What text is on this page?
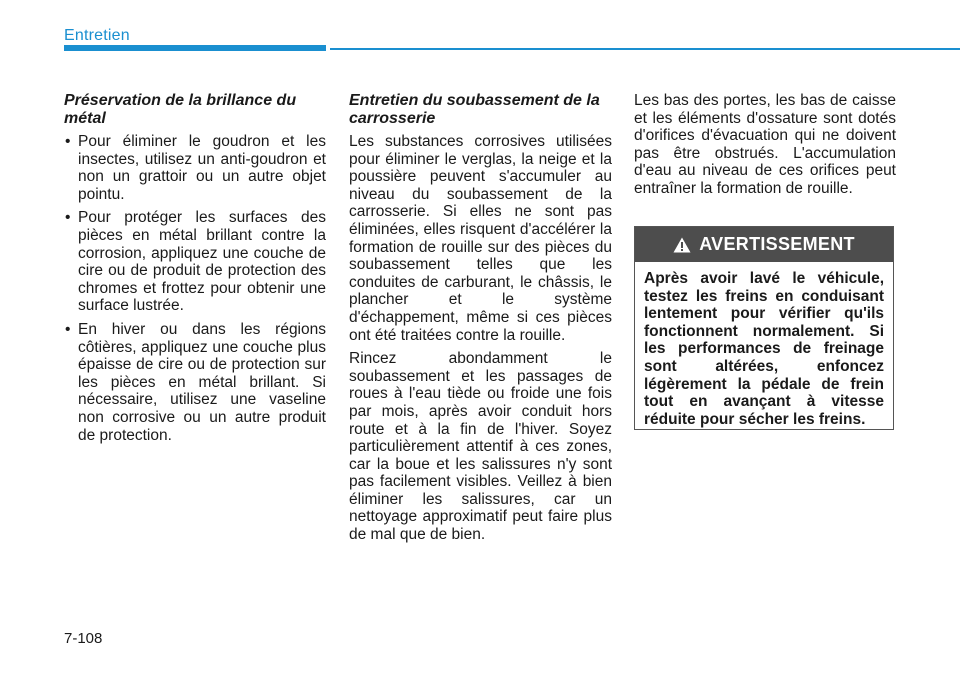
Entretien
Préservation de la brillance du métal
• Pour éliminer le goudron et les insectes, utilisez un anti-goudron et non un grattoir ou un autre objet pointu.
• Pour protéger les surfaces des pièces en métal brillant contre la corrosion, appliquez une couche de cire ou de produit de protection des chromes et frottez pour obtenir une surface lustrée.
• En hiver ou dans les régions côtières, appliquez une couche plus épaisse de cire ou de protection sur les pièces en métal brillant. Si nécessaire, utilisez une vaseline non corrosive ou un autre produit de protection.
Entretien du soubassement de la carrosserie

Les substances corrosives utilisées pour éliminer le verglas, la neige et la poussière peuvent s'accumuler au niveau du soubassement de la carrosserie. Si elles ne sont pas éliminées, elles risquent d'accélérer la formation de rouille sur des pièces du soubassement telles que les conduites de carburant, le châssis, le plancher et le système d'échappement, même si ces pièces ont été traitées contre la rouille.

Rincez abondamment le soubassement et les passages de roues à l'eau tiède ou froide une fois par mois, après avoir conduit hors route et à la fin de l'hiver. Soyez particulièrement attentif à ces zones, car la boue et les salissures n'y sont pas facilement visibles. Veillez à bien éliminer les salissures, car un nettoyage approximatif peut faire plus de mal que de bien.

Les bas des portes, les bas de caisse et les éléments d'ossature sont dotés d'orifices d'évacuation qui ne doivent pas être obstrués. L'accumulation d'eau au niveau de ces orifices peut entraîner la formation de rouille.

AVERTISSEMENT
Après avoir lavé le véhicule, testez les freins en conduisant lentement pour vérifier qu'ils fonctionnent normalement. Si les performances de freinage sont altérées, enfoncez légèrement la pédale de frein tout en avançant à vitesse réduite pour sécher les freins.
7-108
